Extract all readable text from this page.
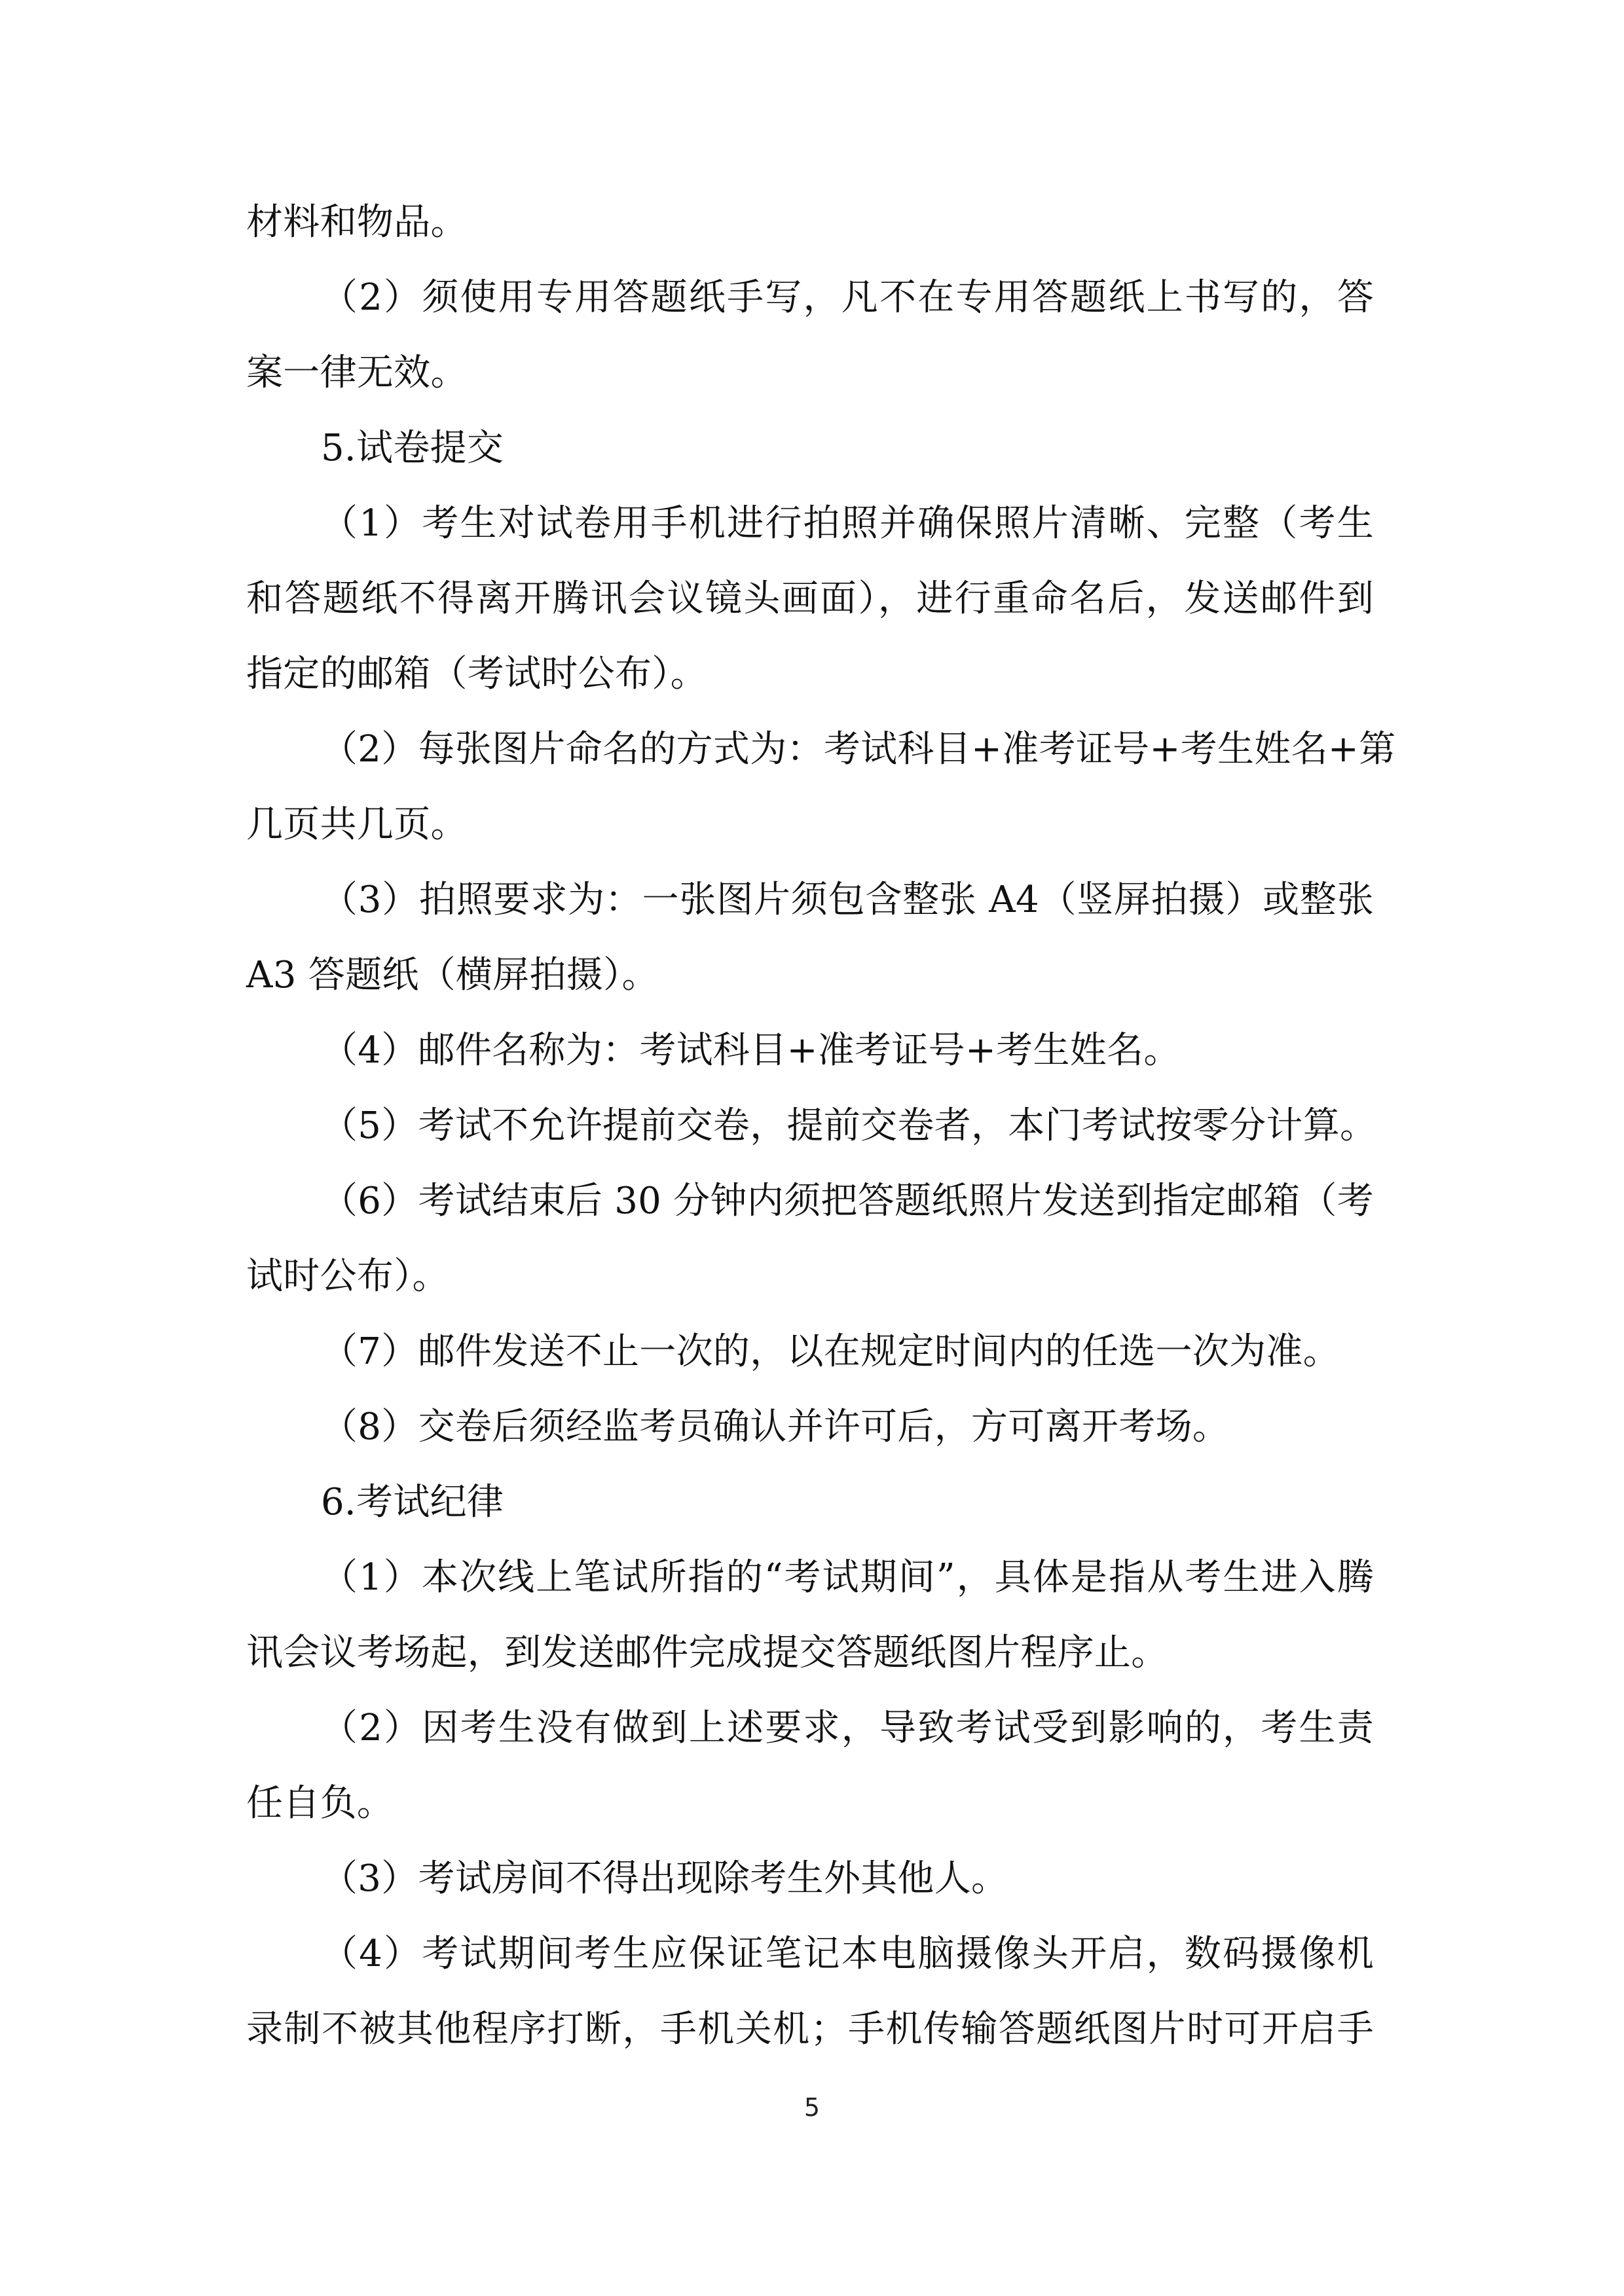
材料和物品。
（2）须使用专用答题纸手写，凡不在专用答题纸上书写的，答
案一律无效。
5.试卷提交
（1）考生对试卷用手机进行拍照并确保照片清晰、完整（考生
和答题纸不得离开腾讯会议镜头画面），进行重命名后，发送邮件到
指定的邮箱（考试时公布）。
（2）每张图片命名的方式为：考试科目+准考证号+考生姓名+第
几页共几页。
（3）拍照要求为：一张图片须包含整张 A4（竖屏拍摄）或整张
A3 答题纸（横屏拍摄）。
（4）邮件名称为：考试科目+准考证号+考生姓名。
（5）考试不允许提前交卷，提前交卷者，本门考试按零分计算。
（6）考试结束后 30 分钟内须把答题纸照片发送到指定邮箱（考
试时公布）。
（7）邮件发送不止一次的，以在规定时间内的任选一次为准。
（8）交卷后须经监考员确认并许可后，方可离开考场。
6.考试纪律
（1）本次线上笔试所指的“考试期间”，具体是指从考生进入腾
讯会议考场起，到发送邮件完成提交答题纸图片程序止。
（2）因考生没有做到上述要求，导致考试受到影响的，考生责
任自负。
（3）考试房间不得出现除考生外其他人。
（4）考试期间考生应保证笔记本电脑摄像头开启，数码摄像机
录制不被其他程序打断，手机关机；手机传输答题纸图片时可开启手
5
